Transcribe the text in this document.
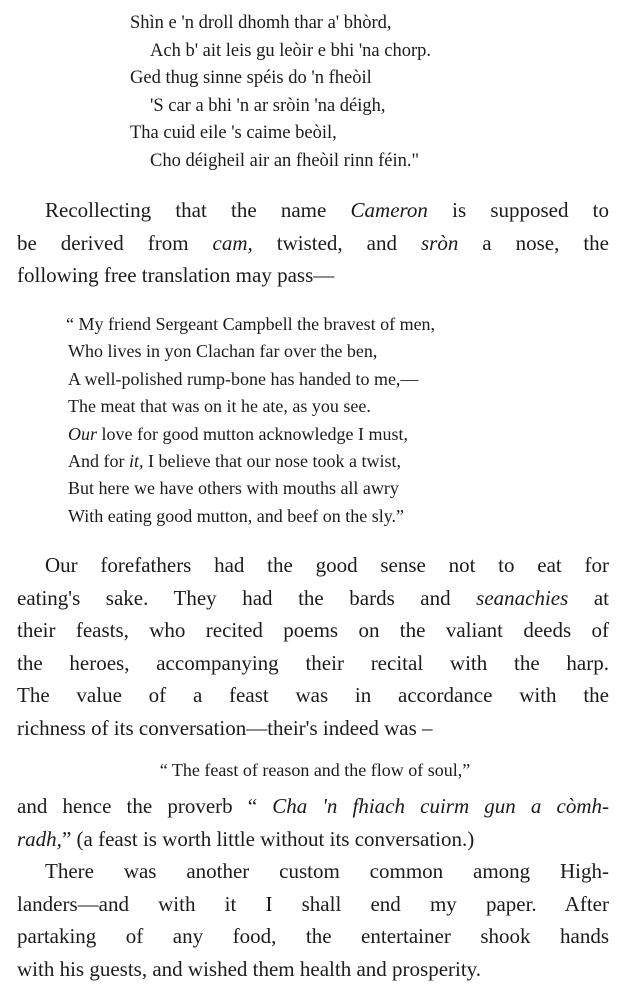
Shìn e 'n droll dhomh thar a' bhòrd,
Ach b' ait leis gu leòir e bhi 'na chorp.
Ged thug sinne spéis do 'n fheòil
'S car a bhi 'n ar sròin 'na déigh,
Tha cuid eile 's caime beòil,
Cho déigheil air an fheòil rinn féin."
Recollecting that the name Cameron is supposed to
be derived from cam, twisted, and sròn a nose, the
following free translation may pass—
“ My friend Sergeant Campbell the bravest of men,
Who lives in yon Clachan far over the ben,
A well-polished rump-bone has handed to me,—
The meat that was on it he ate, as you see.
Our love for good mutton acknowledge I must,
And for it, I believe that our nose took a twist,
But here we have others with mouths all awry
With eating good mutton, and beef on the sly.”
Our forefathers had the good sense not to eat for
eating's sake. They had the bards and seanachies at
their feasts, who recited poems on the valiant deeds of
the heroes, accompanying their recital with the harp.
The value of a feast was in accordance with the
richness of its conversation—their's indeed was –
“ The feast of reason and the flow of soul,”
and hence the proverb “ Cha 'n fhiach cuirm gun a còmh-
radh,” (a feast is worth little without its conversation.)
There was another custom common among High-
landers—and with it I shall end my paper. After
partaking of any food, the entertainer shook hands
with his guests, and wished them health and prosperity.
